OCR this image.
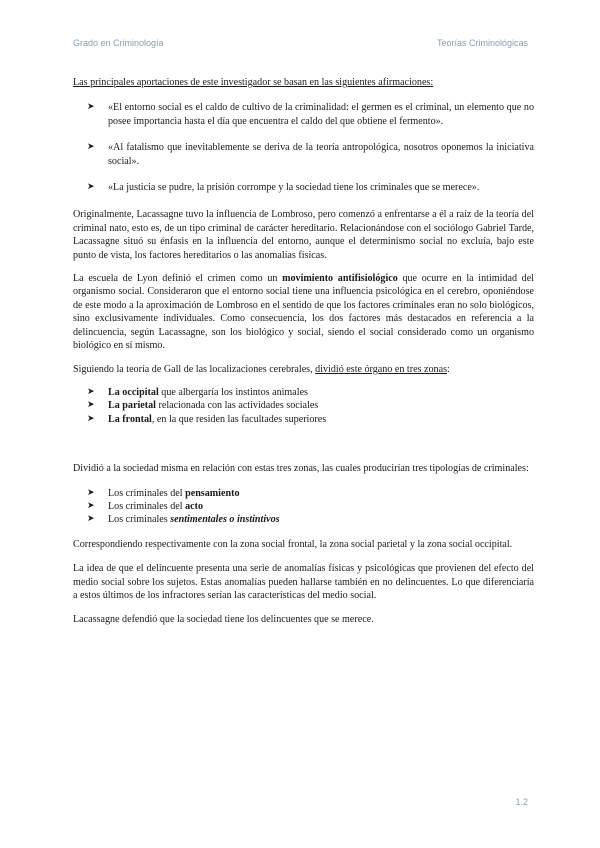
Grado en Criminología	Teorías Criminológicas

Las principales aportaciones de este investigador se basan en las siguientes afirmaciones:

➤ «El entorno social es el caldo de cultivo de la criminalidad: el germen es el criminal, un elemento que no posee importancia hasta el día que encuentra el caldo del que obtiene el fermento».
➤ «Al fatalismo que inevitablemente se deriva de la teoría antropológica, nosotros oponemos la iniciativa social».
➤ «La justicia se pudre, la prisión corrompe y la sociedad tiene los criminales que se merece».

Originalmente, Lacassagne tuvo la influencia de Lombroso, pero comenzó a enfrentarse a él a raíz de la teoría del criminal nato, esto es, de un tipo criminal de carácter hereditario. Relacionándose con el sociólogo Gabriel Tarde, Lacassagne situó su énfasis en la influencia del entorno, aunque el determinismo social no excluía, bajo este punto de vista, los factores hereditarios o las anomalías físicas.

La escuela de Lyon definió el crimen como un movimiento antifisiológico que ocurre en la intimidad del organismo social. Consideraron que el entorno social tiene una influencia psicológica en el cerebro, oponiéndose de este modo a la aproximación de Lombroso en el sentido de que los factores criminales eran no solo biológicos, sino exclusivamente individuales. Como consecuencia, los dos factores más destacados en referencia a la delincuencia, según Lacassagne, son los biológico y social, siendo el social considerado como un organismo biológico en sí mismo.

Siguiendo la teoría de Gall de las localizaciones cerebrales, dividió este órgano en tres zonas:

➤ La occipital que albergaría los instintos animales
➤ La parietal relacionada con las actividades sociales
➤ La frontal, en la que residen las facultades superiores

Dividió a la sociedad misma en relación con estas tres zonas, las cuales producirían tres tipologías de criminales:

➤ Los criminales del pensamiento
➤ Los criminales del acto
➤ Los criminales sentimentales o instintivos

Correspondiendo respectivamente con la zona social frontal, la zona social parietal y la zona social occipital.

La idea de que el delincuente presenta una serie de anomalías físicas y psicológicas que provienen del efecto del medio social sobre los sujetos. Estas anomalías pueden hallarse también en no delincuentes. Lo que diferenciaría a estos últimos de los infractores serían las características del medio social.

Lacassagne defendió que la sociedad tiene los delincuentes que se merece.

1.2
